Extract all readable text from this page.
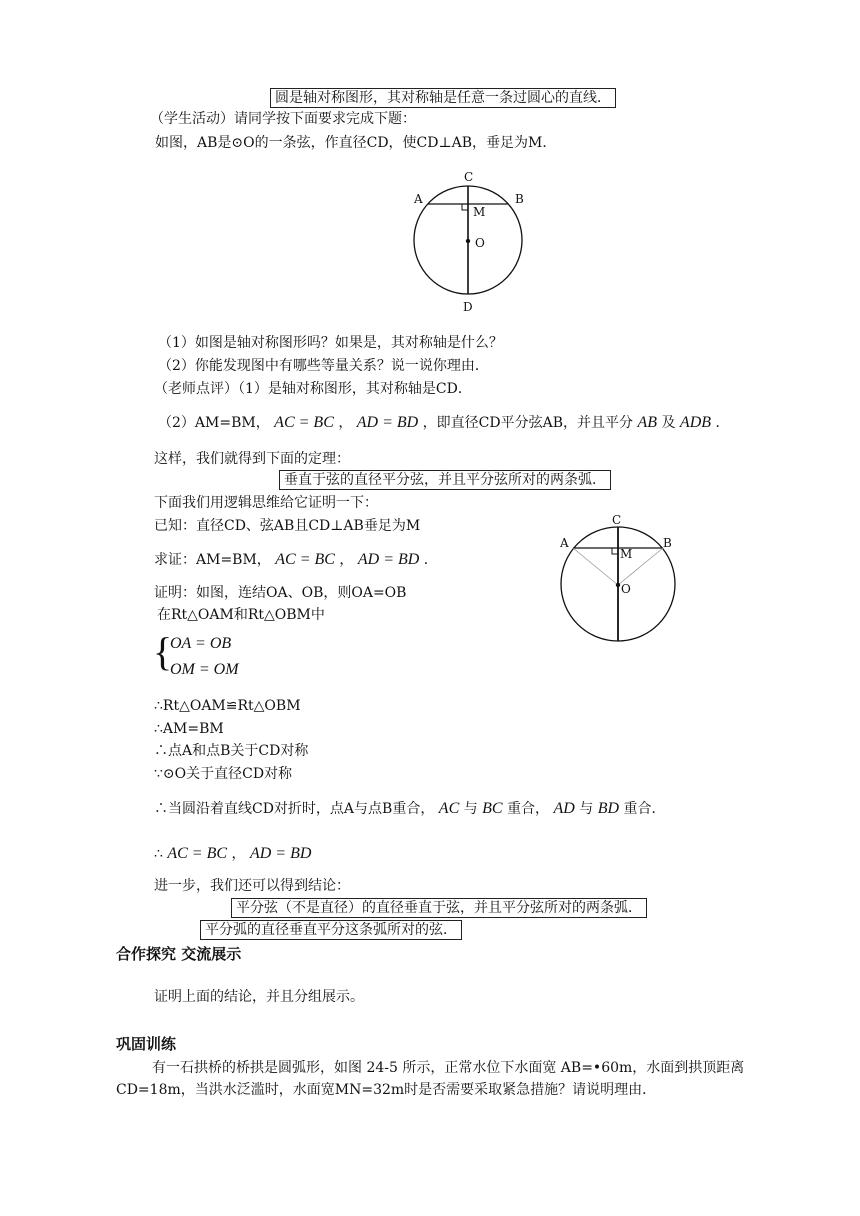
圆是轴对称图形，其对称轴是任意一条过圆心的直线．
（学生活动）请同学按下面要求完成下题：
如图，AB是⊙O的一条弦，作直径CD，使CD⊥AB，垂足为M．
C
A	B
M
O
D
（1）如图是轴对称图形吗？如果是，其对称轴是什么？
（2）你能发现图中有哪些等量关系？说一说你理由．
（老师点评）（1）是轴对称图形，其对称轴是CD．
（2）AM=BM， AC = BC ， AD = BD ，即直径CD平分弦AB，并且平分 AB 及 ADB ．
这样，我们就得到下面的定理：
垂直于弦的直径平分弦，并且平分弦所对的两条弧．
下面我们用逻辑思维给它证明一下：
已知：直径CD、弦AB且CD⊥AB垂足为M
求证：AM=BM， AC = BC ， AD = BD ．
证明：如图，连结OA、OB，则OA=OB
在Rt△OAM和Rt△OBM中
{
OA = OB
OM = OM
∴Rt△OAM≌Rt△OBM
∴AM=BM
∴点A和点B关于CD对称
∵⊙O关于直径CD对称
∴当圆沿着直线CD对折时，点A与点B重合， AC 与 BC 重合， AD 与 BD 重合．
∴ AC = BC ， AD = BD
C
A	B
M
O
进一步，我们还可以得到结论：
平分弦（不是直径）的直径垂直于弦，并且平分弦所对的两条弧．
平分弧的直径垂直平分这条弧所对的弦．
合作探究 交流展示
证明上面的结论，并且分组展示。
巩固训练
有一石拱桥的桥拱是圆弧形，如图 24-5 所示，正常水位下水面宽 AB=•60m，水面到拱顶距离CD=18m，当洪水泛滥时，水面宽MN=32m时是否需要采取紧急措施？请说明理由．
